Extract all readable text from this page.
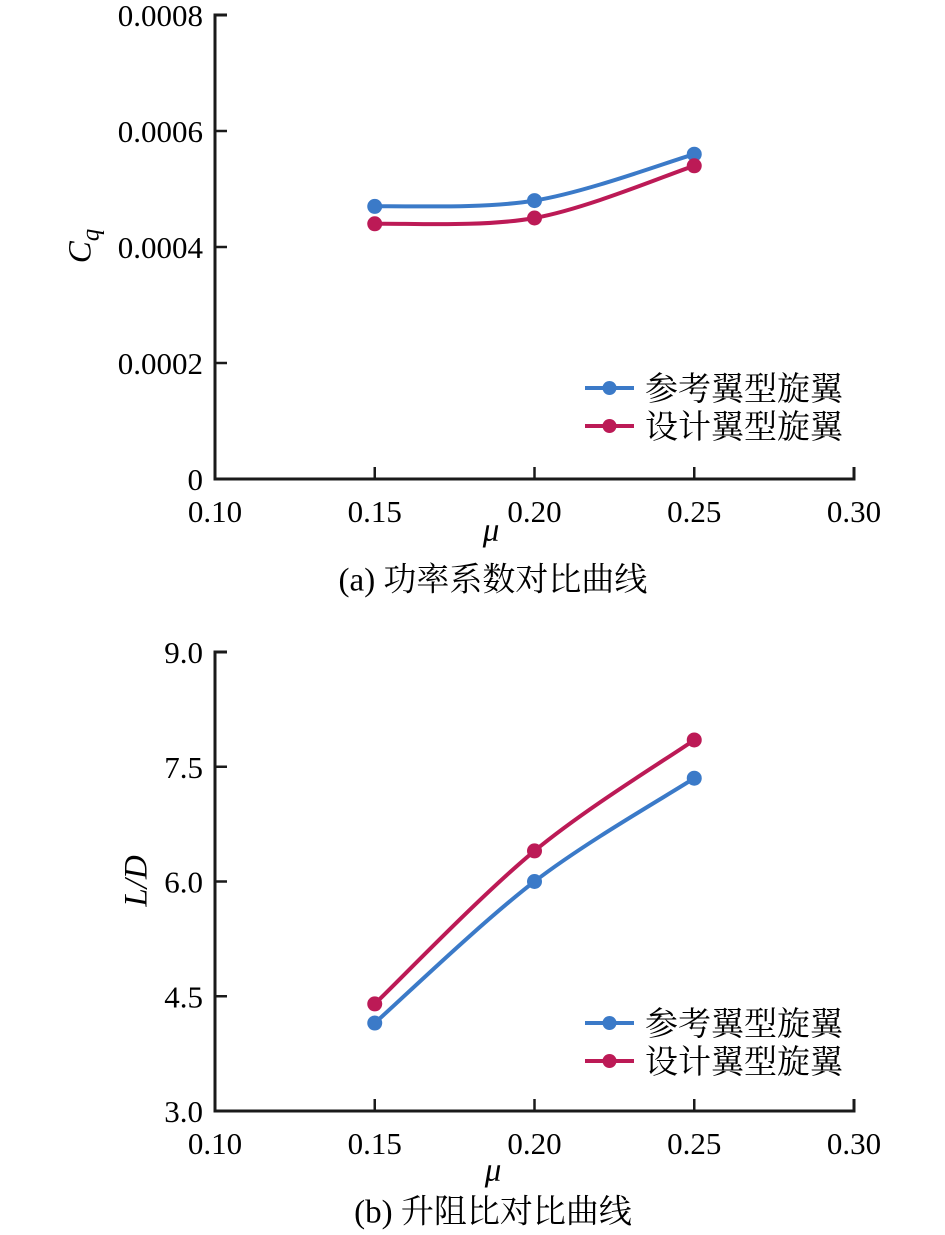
0.10	0.15	0.20	0.25	0.30
0
0.0002
0.0004
0.0006
0.0008
参考翼型旋翼
设计翼型旋翼
0.10	0.15	0.20	0.25	0.30
3.0
4.5
6.0
7.5
9.0
参考翼型旋翼
设计翼型旋翼
$C_q$
L/D
μ
μ
(a) 功率系数对比曲线
(b) 升阻比对比曲线
